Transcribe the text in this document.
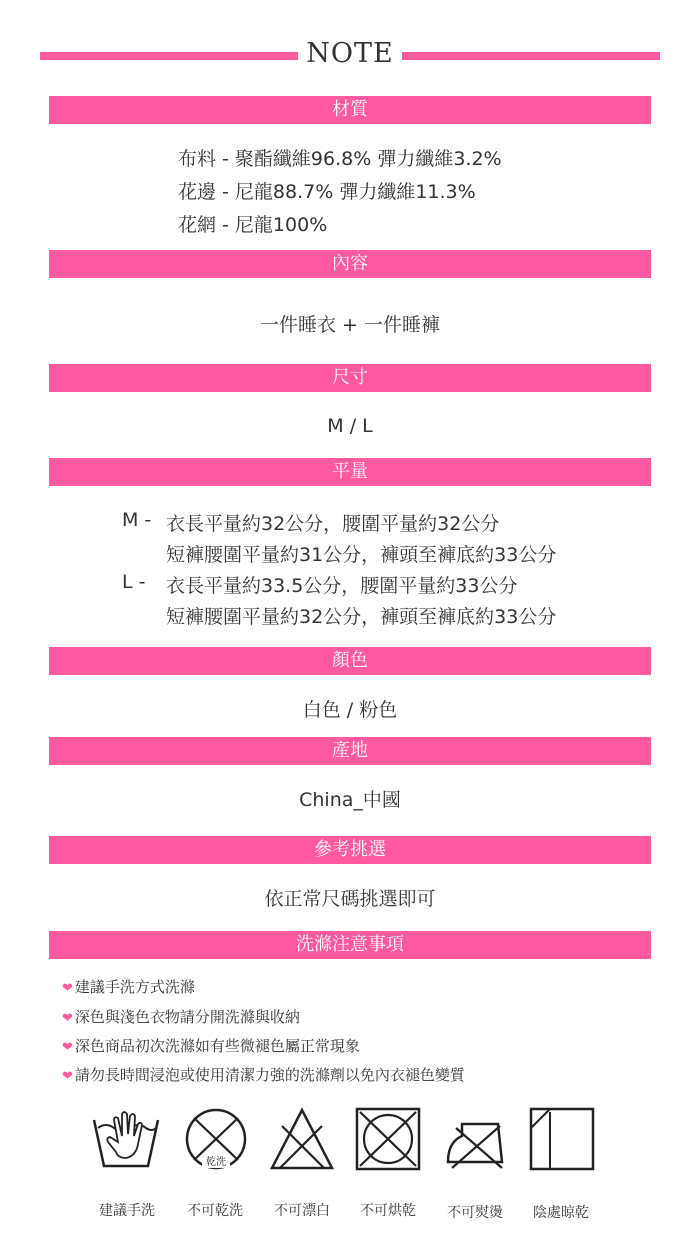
NOTE
材質
布料 - 聚酯纖維96.8% 彈力纖維3.2%
花邊 - 尼龍88.7% 彈力纖維11.3%
花網 - 尼龍100%
內容
一件睡衣 + 一件睡褲
尺寸
M / L
平量
M - 衣長平量約32公分，腰圍平量約32公分
短褲腰圍平量約31公分，褲頭至褲底約33公分
L -	衣長平量約33.5公分，腰圍平量約33公分
短褲腰圍平量約32公分，褲頭至褲底約33公分
顏色
白色 / 粉色
產地
China_中國
參考挑選
依正常尺碼挑選即可
洗滌注意事項
❤ 建議手洗方式洗滌
❤ 深色與淺色衣物請分開洗滌與收納
❤ 深色商品初次洗滌如有些微褪色屬正常現象
❤ 請勿長時間浸泡或使用清潔力強的洗滌劑以免內衣褪色變質
乾洗
建議手洗	不可乾洗	不可漂白	不可烘乾	不可熨燙	陰處晾乾
